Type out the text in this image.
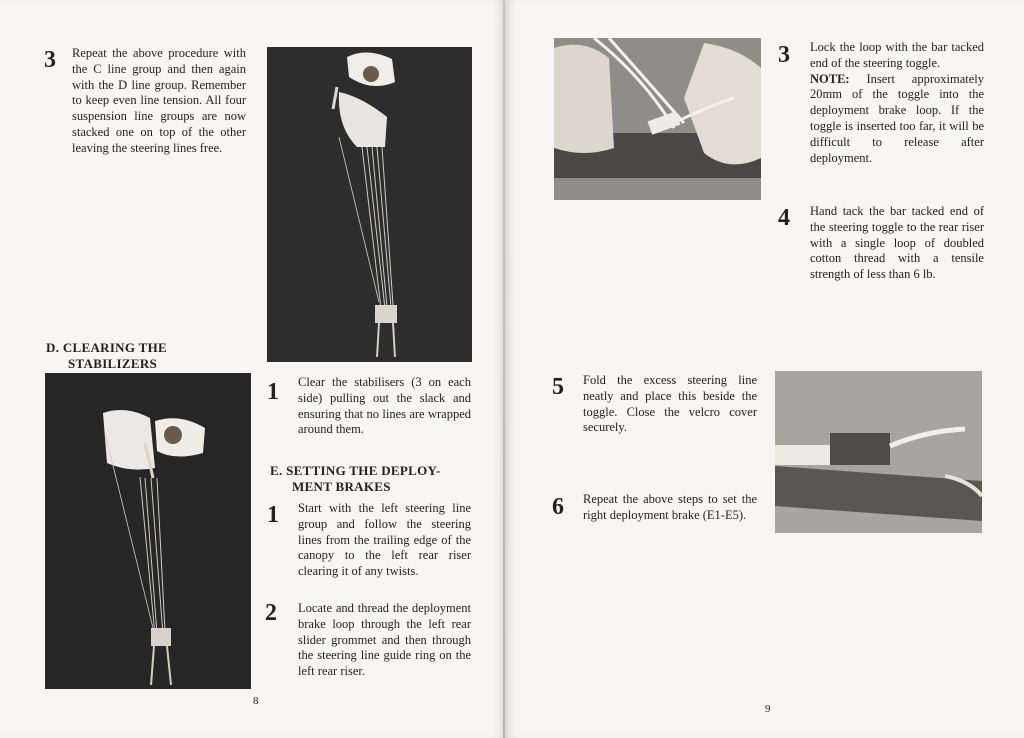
3 Repeat the above procedure with the C line group and then again with the D line group. Remember to keep even line tension. All four suspension line groups are now stacked one on top of the other leaving the steering lines free.
D. CLEARING THE
STABILIZERS
1 Clear the stabilisers (3 on each side) pulling out the slack and ensuring that no lines are wrapped around them.
E. SETTING THE DEPLOY-
MENT BRAKES
1 Start with the left steering line group and follow the steering lines from the trailing edge of the canopy to the left rear riser clearing it of any twists.
2 Locate and thread the deployment brake loop through the left rear slider grommet and then through the steering line guide ring on the left rear riser.
8
3 Lock the loop with the bar tacked end of the steering toggle.
NOTE: Insert approximately 20mm of the toggle into the deployment brake loop. If the toggle is inserted too far, it will be difficult to release after deployment.
4 Hand tack the bar tacked end of the steering toggle to the rear riser with a single loop of doubled cotton thread with a tensile strength of less than 6 lb.
5 Fold the excess steering line neatly and place this beside the toggle. Close the velcro cover securely.
6 Repeat the above steps to set the right deployment brake (E1-E5).
9
